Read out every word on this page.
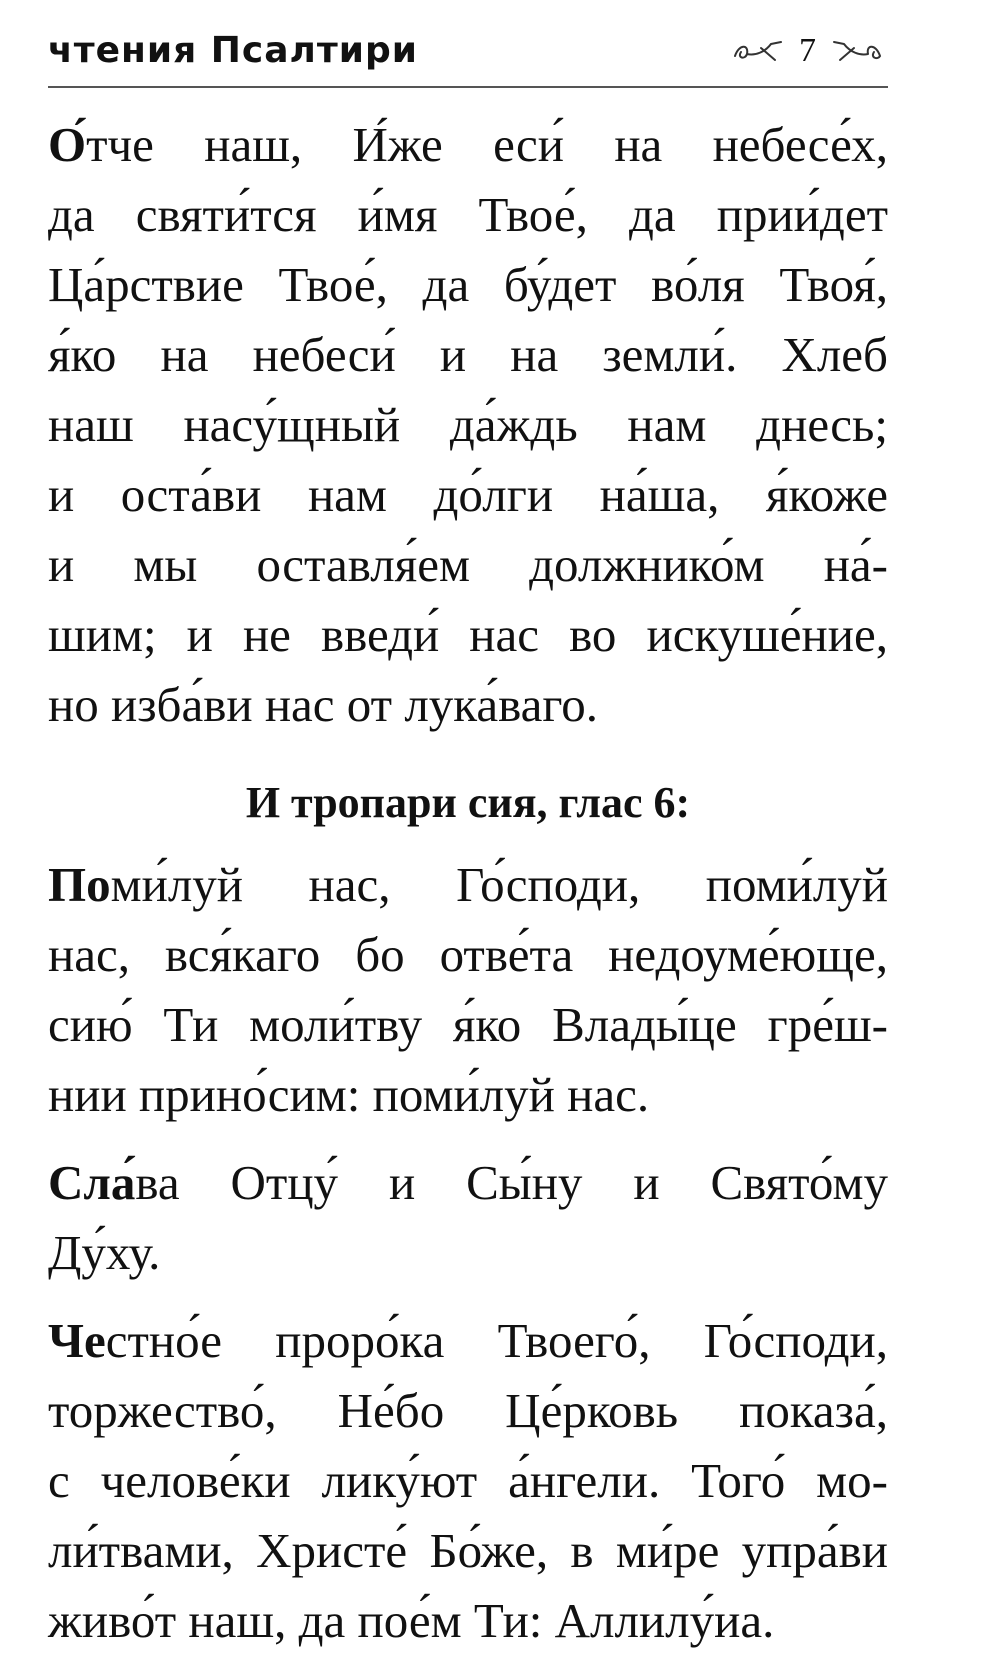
чтения Псалтири	7

О́тче наш, И́же еси́ на небесе́х,
да святи́тся и́мя Твое́, да прии́дет
Ца́рствие Твое́, да бу́дет во́ля Твоя́,
я́ко на небеси́ и на земли́. Хлеб
наш насу́щный да́ждь нам днесь;
и оста́ви нам до́лги на́ша, я́коже
и мы оставля́ем должнико́м на́-
шим; и не введи́ нас во искуше́ние,
но изба́ви нас от лука́ваго.

И тропари сия, глас 6:

Поми́луй нас, Го́споди, поми́луй
нас, вся́каго бо отве́та недоуме́юще,
сию́ Ти моли́тву я́ко Влады́це гре́ш-
нии прино́сим: поми́луй нас.

Сла́ва Отцу́ и Сы́ну и Свято́му
Ду́ху.

Честно́е проро́ка Твоего́, Го́споди,
торжество́, Не́бо Це́рковь показа́,
с челове́ки лику́ют а́нгели. Того́ мо-
ли́твами, Христе́ Бо́же, в ми́ре упра́ви
живо́т наш, да пое́м Ти: Аллилу́иа.
